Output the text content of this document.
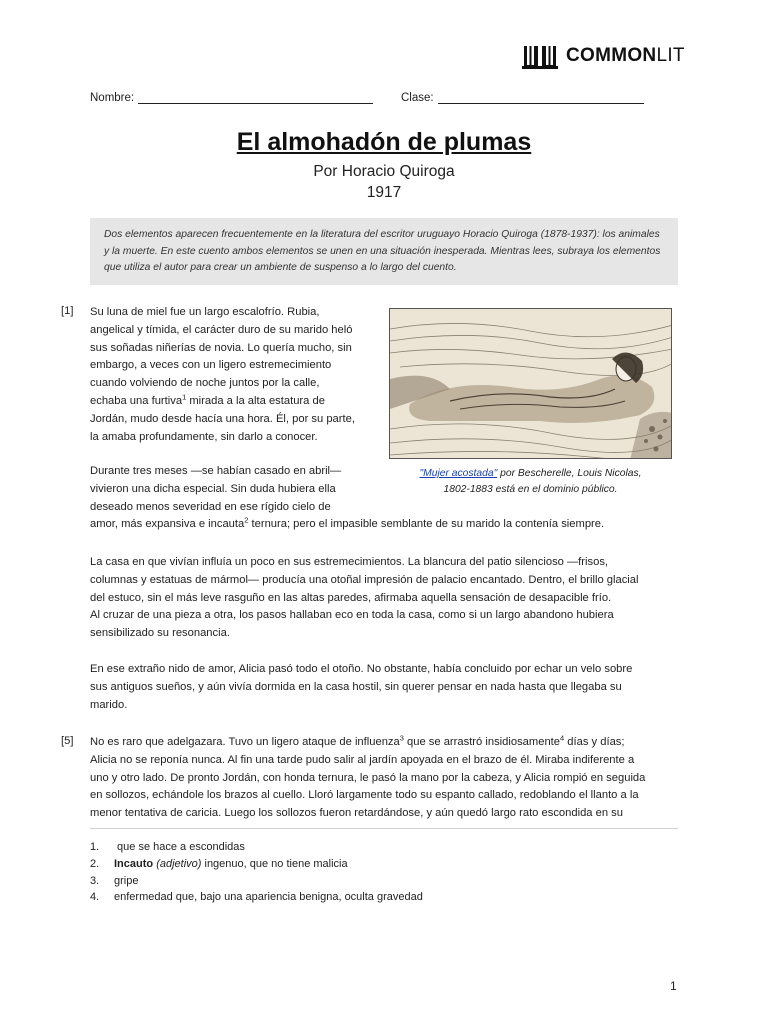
COMMONLIT
Nombre:	Clase:
El almohadón de plumas
Por Horacio Quiroga
1917
Dos elementos aparecen frecuentemente en la literatura del escritor uruguayo Horacio Quiroga (1878-1937): los animales y la muerte. En este cuento ambos elementos se unen en una situación inesperada. Mientras lees, subraya los elementos que utiliza el autor para crear un ambiente de suspenso a lo largo del cuento.
[1]
[5]
Su luna de miel fue un largo escalofrío. Rubia,
angelical y tímida, el carácter duro de su marido heló
sus soñadas niñerías de novia. Lo quería mucho, sin
embargo, a veces con un ligero estremecimiento
cuando volviendo de noche juntos por la calle,
echaba una furtiva$^1$ mirada a la alta estatura de
Jordán, mudo desde hacía una hora. Él, por su parte,
la amaba profundamente, sin darlo a conocer.
Durante tres meses —se habían casado en abril—
vivieron una dicha especial. Sin duda hubiera ella
deseado menos severidad en ese rígido cielo de
amor, más expansiva e incauta$^2$ ternura; pero el impasible semblante de su marido la contenía siempre.
"Mujer acostada" por Bescherelle, Louis Nicolas,
1802-1883 está en el dominio público.
La casa en que vivían influía un poco en sus estremecimientos. La blancura del patio silencioso —frisos,
columnas y estatuas de mármol— producía una otoñal impresión de palacio encantado. Dentro, el brillo glacial
del estuco, sin el más leve rasguño en las altas paredes, afirmaba aquella sensación de desapacible frío.
Al cruzar de una pieza a otra, los pasos hallaban eco en toda la casa, como si un largo abandono hubiera
sensibilizado su resonancia.
En ese extraño nido de amor, Alicia pasó todo el otoño. No obstante, había concluido por echar un velo sobre
sus antiguos sueños, y aún vivía dormida en la casa hostil, sin querer pensar en nada hasta que llegaba su
marido.
No es raro que adelgazara. Tuvo un ligero ataque de influenza$^3$ que se arrastró insidiosamente$^4$ días y días;
Alicia no se reponía nunca. Al fin una tarde pudo salir al jardín apoyada en el brazo de él. Miraba indiferente a
uno y otro lado. De pronto Jordán, con honda ternura, le pasó la mano por la cabeza, y Alicia rompió en seguida
en sollozos, echándole los brazos al cuello. Lloró largamente todo su espanto callado, redoblando el llanto a la
menor tentativa de caricia. Luego los sollozos fueron retardándose, y aún quedó largo rato escondida en su
1.	que se hace a escondidas
2.	Incauto (adjetivo) ingenuo, que no tiene malicia
3.	gripe
4.	enfermedad que, bajo una apariencia benigna, oculta gravedad
1
